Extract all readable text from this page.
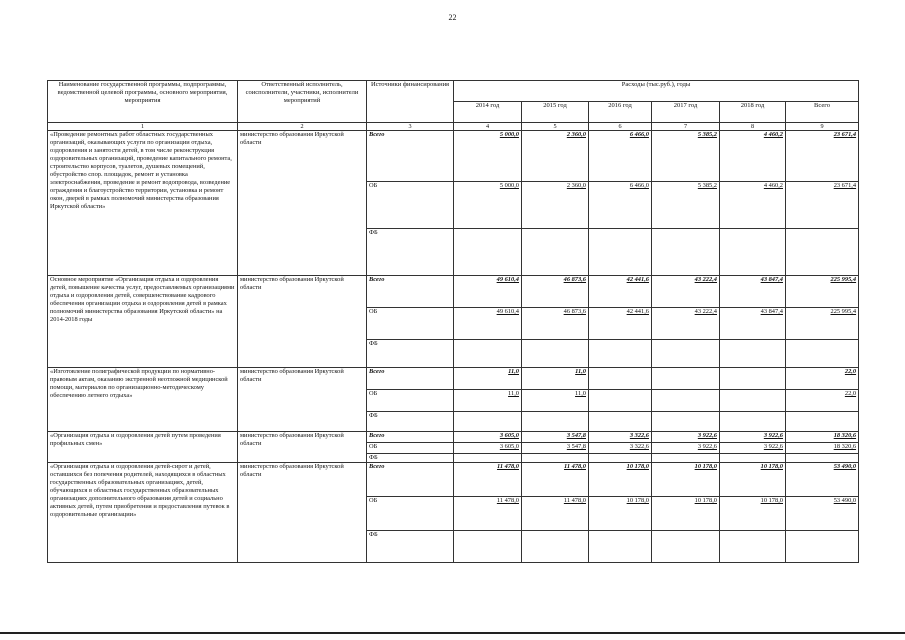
22
Наименование государственной программы, подпрограммы, ведомственной целевой программы, основного мероприятия, мероприятия	Ответственный исполнитель, соисполнители, участники, исполнители мероприятий	Источники финансирования	Расходы (тыс.руб.), годы					
			2014 год	2015 год	2016 год	2017 год	2018 год	Всего
1	2	3	4	5	6	7	8	9
«Проведение ремонтных работ областных государственных организаций, оказывающих услуги по организации отдыха, оздоровления и занятости детей, в том числе реконструкция оздоровительных организаций, проведение капитального ремонта, строительство корпусов, туалетов, душевых помещений, обустройство спор. площадок, ремонт и установка электроснабжения, проведение и ремонт водопровода, возведение ограждения и благоустройство территории, установка и ремонт окон, дверей в рамках полномочий министерства образования Иркутской области»	министерство образования Иркутской области	Всего	5 000,0	2 360,0	6 466,0	5 385,2	4 460,2	23 671,4
		ОБ	5 000,0	2 360,0	6 466,0	5 385,2	4 460,2	23 671,4
		ФБ						
Основное мероприятие «Организация отдыха и оздоровления детей, повышение качества услуг, предоставляемых организациями отдыха и оздоровления детей, совершенствование кадрового обеспечения организации отдыха и оздоровления детей в рамках полномочий министерства образования Иркутской области» на 2014-2018 годы	министерство образования Иркутской области	Всего	49 610,4	46 873,6	42 441,6	43 222,4	43 847,4	225 995,4
		ОБ	49 610,4	46 873,6	42 441,6	43 222,4	43 847,4	225 995,4
		ФБ						
«Изготовление полиграфической продукции по нормативно-правовым актам, оказанию экстренной неотложной медицинской помощи, материалов по организационно-методическому обеспечению летнего отдыха»	министерство образования Иркутской области	Всего	11,0	11,0				22,0
		ОБ	11,0	11,0				22,0
		ФБ						
«Организация отдыха и оздоровления детей путем проведения профильных смен»	министерство образования Иркутской области	Всего	3 605,0	3 547,8	3 322,6	3 922,6	3 922,6	18 320,6
		ОБ	3 605,0	3 547,8	3 322,6	3 922,6	3 922,6	18 320,6
		ФБ						
«Организация отдыха и оздоровления детей-сирот и детей, оставшихся без попечения родителей, находящихся в областных государственных образовательных организациях, детей, обучающихся в областных государственных образовательных организациях дополнительного образования детей и социально активных детей, путем приобретения и предоставления путевок в оздоровительные организации»	министерство образования Иркутской области	Всего	11 478,0	11 478,0	10 178,0	10 178,0	10 178,0	53 490,0
		ОБ	11 478,0	11 478,0	10 178,0	10 178,0	10 178,0	53 490,0
		ФБ						
